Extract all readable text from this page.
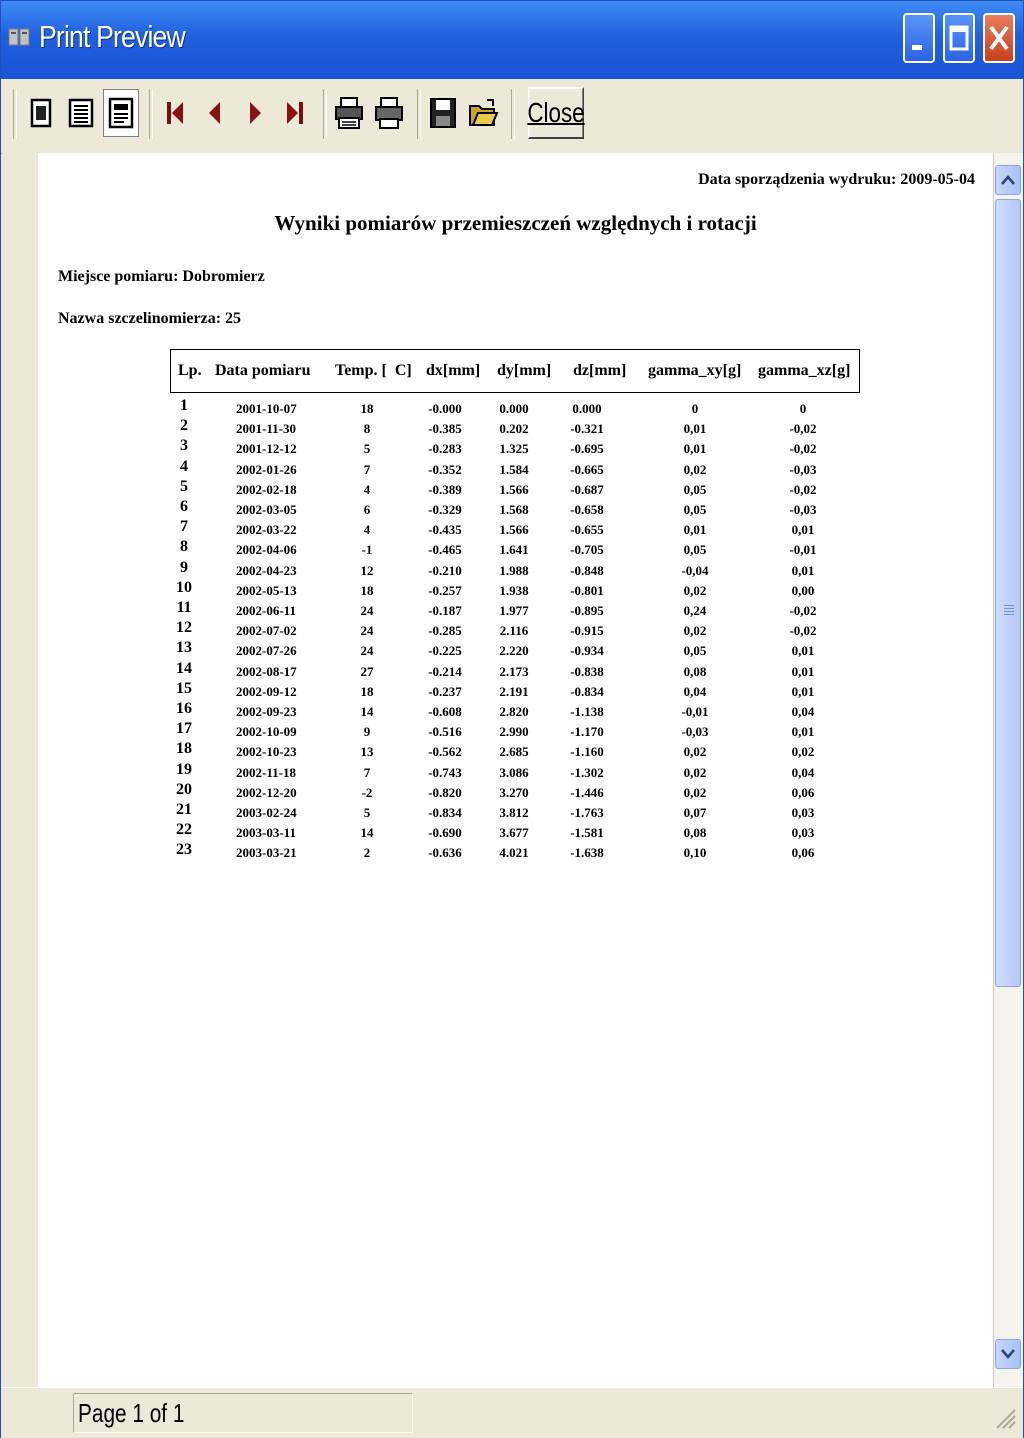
Print Preview
Close
Data sporządzenia wydruku: 2009-05-04
Wyniki pomiarów przemieszczeń względnych i rotacji
Miejsce pomiaru: Dobromierz
Nazwa szczelinomierza: 25
Lp. Data pomiaru Temp. [  C] dx[mm] dy[mm] dz[mm] gamma_xy[g] gamma_xz[g]
1	2001-10-07	18	-0.000	0.000	0.000	0	0
2	2001-11-30	8	-0.385	0.202	-0.321	0,01	-0,02
3	2001-12-12	5	-0.283	1.325	-0.695	0,01	-0,02
4	2002-01-26	7	-0.352	1.584	-0.665	0,02	-0,03
5	2002-02-18	4	-0.389	1.566	-0.687	0,05	-0,02
6	2002-03-05	6	-0.329	1.568	-0.658	0,05	-0,03
7	2002-03-22	4	-0.435	1.566	-0.655	0,01	0,01
8	2002-04-06	-1	-0.465	1.641	-0.705	0,05	-0,01
9	2002-04-23	12	-0.210	1.988	-0.848	-0,04	0,01
10	2002-05-13	18	-0.257	1.938	-0.801	0,02	0,00
11	2002-06-11	24	-0.187	1.977	-0.895	0,24	-0,02
12	2002-07-02	24	-0.285	2.116	-0.915	0,02	-0,02
13	2002-07-26	24	-0.225	2.220	-0.934	0,05	0,01
14	2002-08-17	27	-0.214	2.173	-0.838	0,08	0,01
15	2002-09-12	18	-0.237	2.191	-0.834	0,04	0,01
16	2002-09-23	14	-0.608	2.820	-1.138	-0,01	0,04
17	2002-10-09	9	-0.516	2.990	-1.170	-0,03	0,01
18	2002-10-23	13	-0.562	2.685	-1.160	0,02	0,02
19	2002-11-18	7	-0.743	3.086	-1.302	0,02	0,04
20	2002-12-20	-2	-0.820	3.270	-1.446	0,02	0,06
21	2003-02-24	5	-0.834	3.812	-1.763	0,07	0,03
22	2003-03-11	14	-0.690	3.677	-1.581	0,08	0,03
23	2003-03-21	2	-0.636	4.021	-1.638	0,10	0,06
Page 1 of 1
